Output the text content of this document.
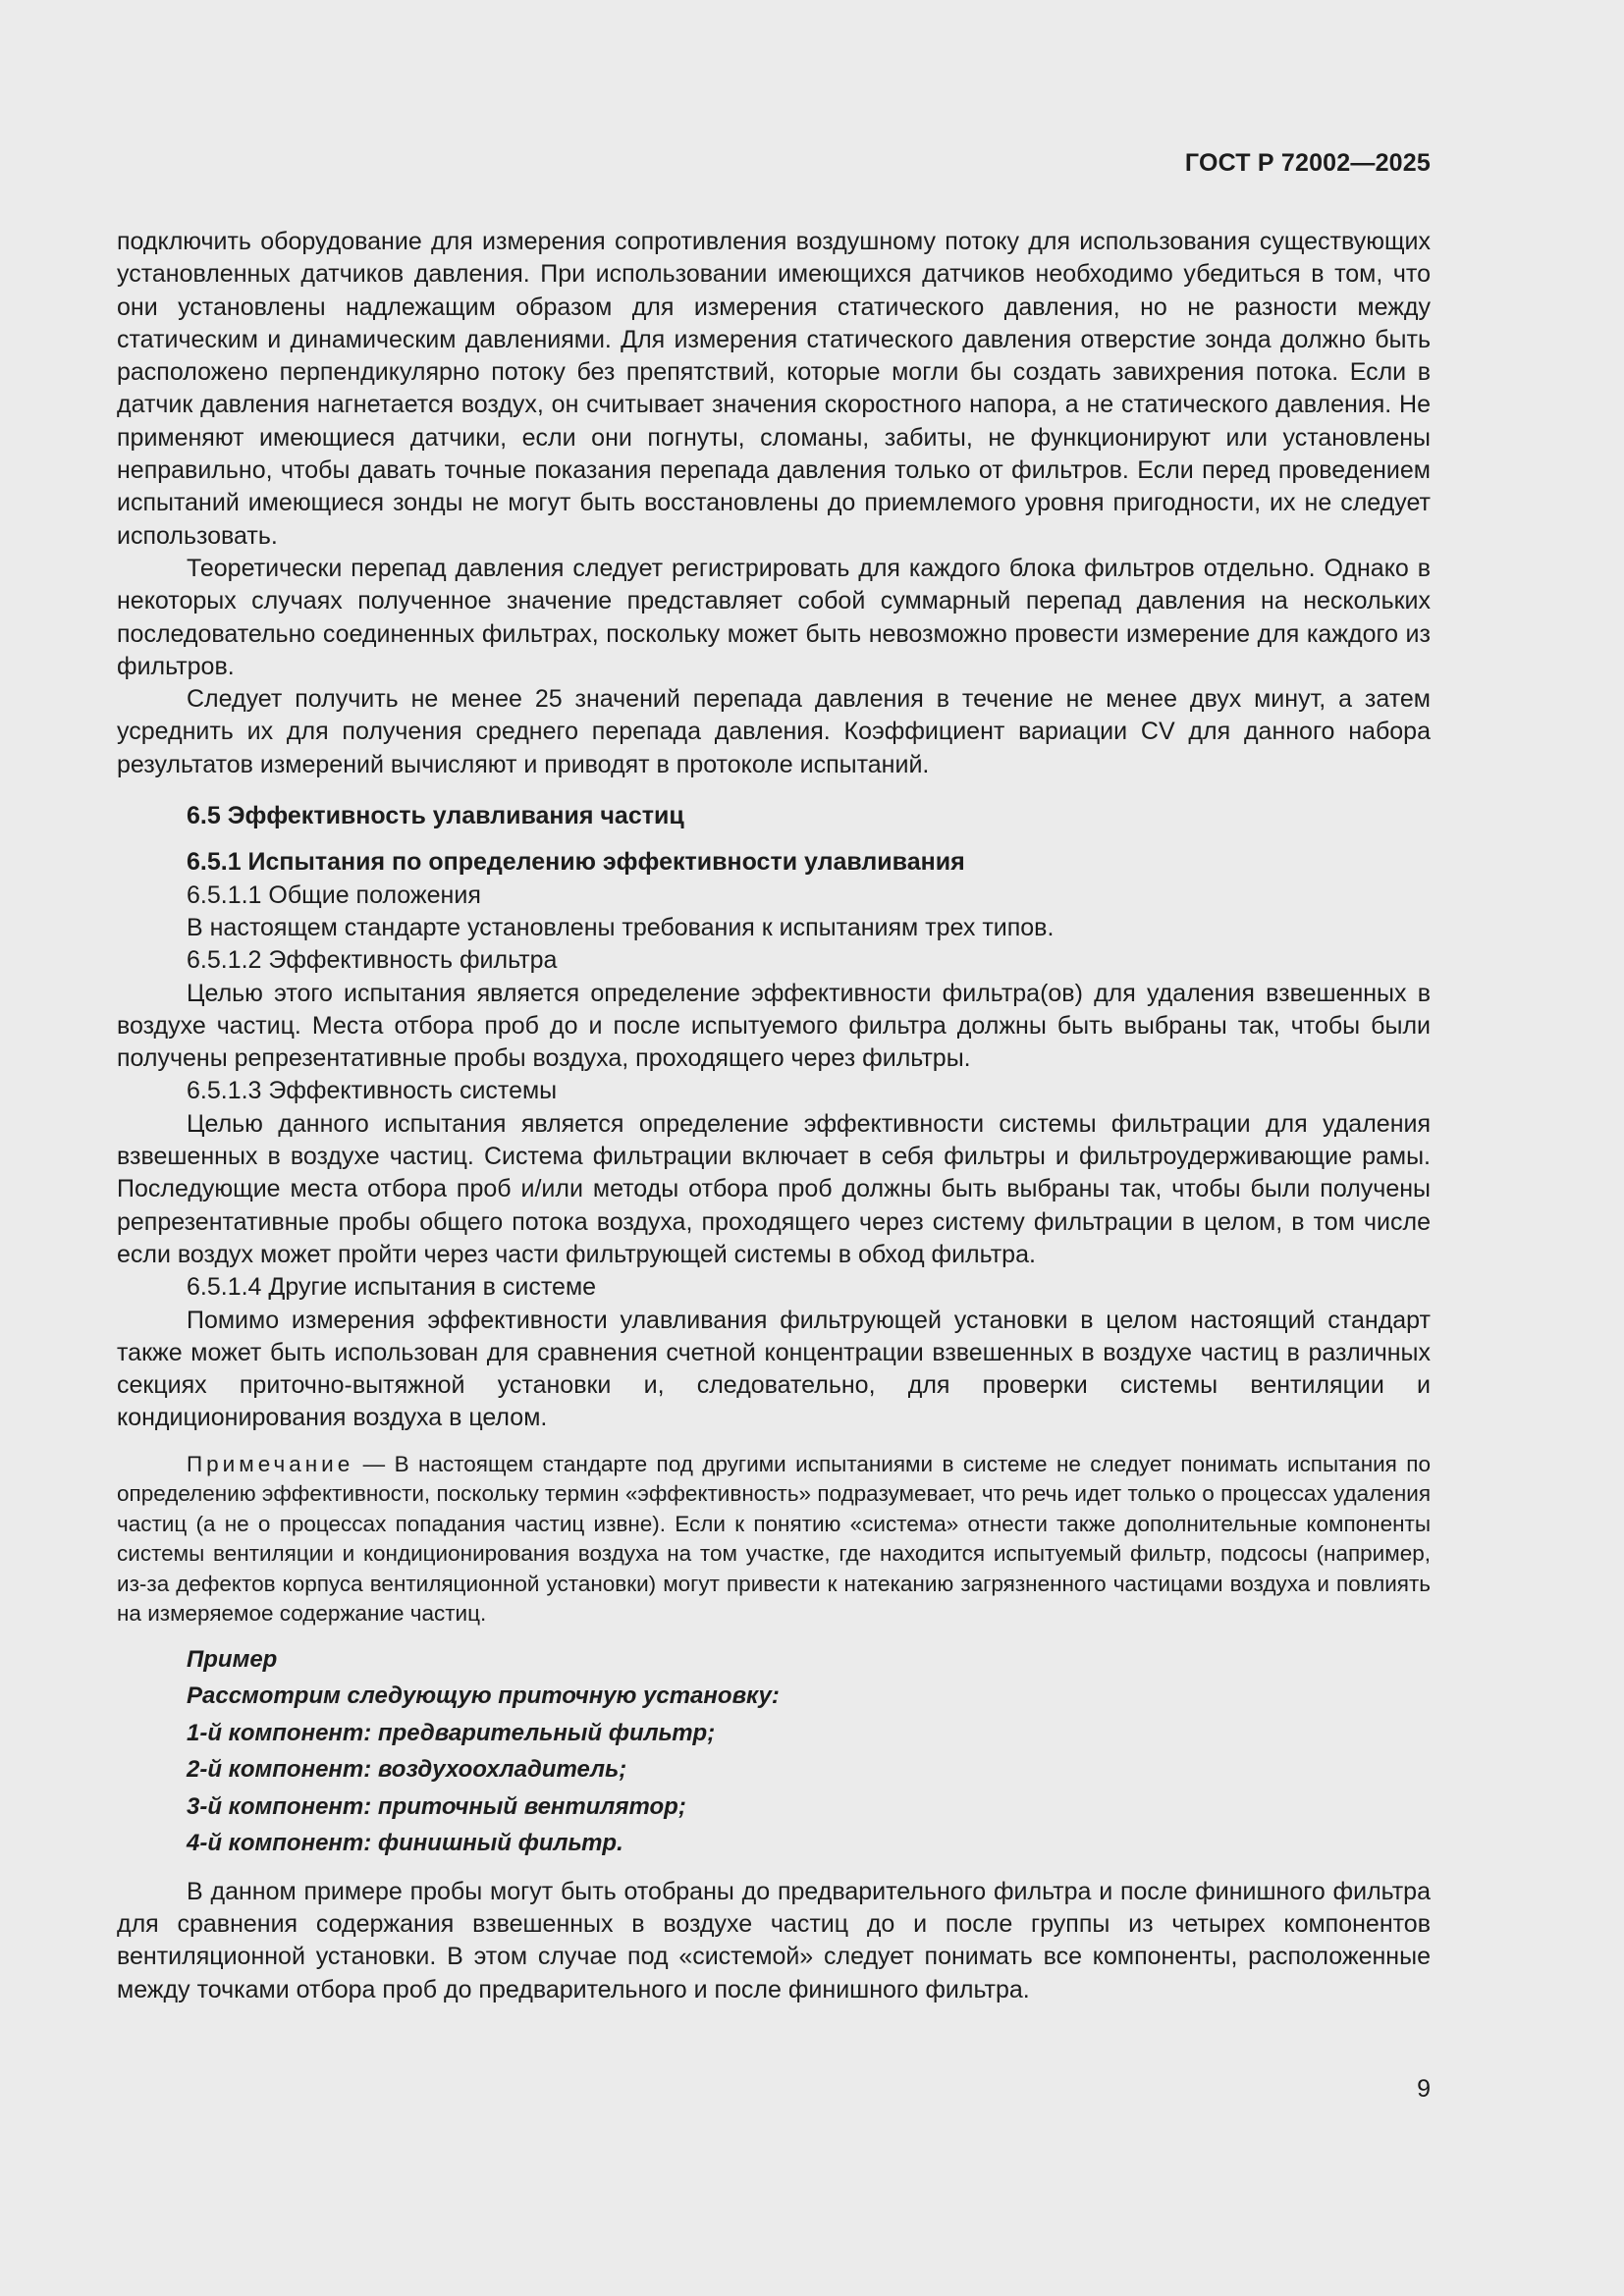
ГОСТ Р 72002—2025

подключить оборудование для измерения сопротивления воздушному потоку для использования существующих установленных датчиков давления. При использовании имеющихся датчиков необходимо убедиться в том, что они установлены надлежащим образом для измерения статического давления, но не разности между статическим и динамическим давлениями. Для измерения статического давления отверстие зонда должно быть расположено перпендикулярно потоку без препятствий, которые могли бы создать завихрения потока. Если в датчик давления нагнетается воздух, он считывает значения скоростного напора, а не статического давления. Не применяют имеющиеся датчики, если они погнуты, сломаны, забиты, не функционируют или установлены неправильно, чтобы давать точные показания перепада давления только от фильтров. Если перед проведением испытаний имеющиеся зонды не могут быть восстановлены до приемлемого уровня пригодности, их не следует использовать.

Теоретически перепад давления следует регистрировать для каждого блока фильтров отдельно. Однако в некоторых случаях полученное значение представляет собой суммарный перепад давления на нескольких последовательно соединенных фильтрах, поскольку может быть невозможно провести измерение для каждого из фильтров.

Следует получить не менее 25 значений перепада давления в течение не менее двух минут, а затем усреднить их для получения среднего перепада давления. Коэффициент вариации CV для данного набора результатов измерений вычисляют и приводят в протоколе испытаний.

6.5 Эффективность улавливания частиц

6.5.1 Испытания по определению эффективности улавливания

6.5.1.1 Общие положения

В настоящем стандарте установлены требования к испытаниям трех типов.

6.5.1.2 Эффективность фильтра

Целью этого испытания является определение эффективности фильтра(ов) для удаления взвешенных в воздухе частиц. Места отбора проб до и после испытуемого фильтра должны быть выбраны так, чтобы были получены репрезентативные пробы воздуха, проходящего через фильтры.

6.5.1.3 Эффективность системы

Целью данного испытания является определение эффективности системы фильтрации для удаления взвешенных в воздухе частиц. Система фильтрации включает в себя фильтры и фильтроудерживающие рамы. Последующие места отбора проб и/или методы отбора проб должны быть выбраны так, чтобы были получены репрезентативные пробы общего потока воздуха, проходящего через систему фильтрации в целом, в том числе если воздух может пройти через части фильтрующей системы в обход фильтра.

6.5.1.4 Другие испытания в системе

Помимо измерения эффективности улавливания фильтрующей установки в целом настоящий стандарт также может быть использован для сравнения счетной концентрации взвешенных в воздухе частиц в различных секциях приточно-вытяжной установки и, следовательно, для проверки системы вентиляции и кондиционирования воздуха в целом.

Примечание — В настоящем стандарте под другими испытаниями в системе не следует понимать испытания по определению эффективности, поскольку термин «эффективность» подразумевает, что речь идет только о процессах удаления частиц (а не о процессах попадания частиц извне). Если к понятию «система» отнести также дополнительные компоненты системы вентиляции и кондиционирования воздуха на том участке, где находится испытуемый фильтр, подсосы (например, из-за дефектов корпуса вентиляционной установки) могут привести к натеканию загрязненного частицами воздуха и повлиять на измеряемое содержание частиц.

Пример

Рассмотрим следующую приточную установку:

1-й компонент: предварительный фильтр;

2-й компонент: воздухоохладитель;

3-й компонент: приточный вентилятор;

4-й компонент: финишный фильтр.

В данном примере пробы могут быть отобраны до предварительного фильтра и после финишного фильтра для сравнения содержания взвешенных в воздухе частиц до и после группы из четырех компонентов вентиляционной установки. В этом случае под «системой» следует понимать все компоненты, расположенные между точками отбора проб до предварительного и после финишного фильтра.

9
